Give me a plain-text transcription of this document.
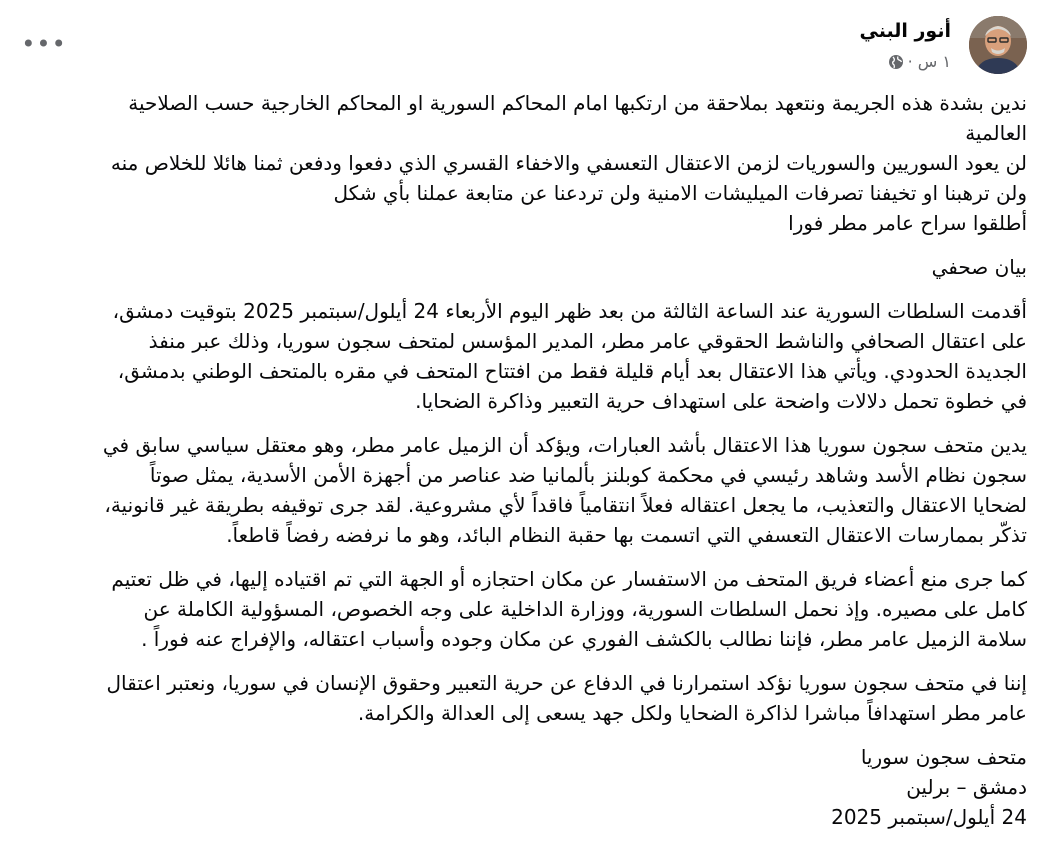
أنور البني
١ س ·
•••
ندين بشدة هذه الجريمة ونتعهد بملاحقة من ارتكبها امام المحاكم السورية او المحاكم الخارجية حسب الصلاحية
العالمية
لن يعود السوريين والسوريات لزمن الاعتقال التعسفي والاخفاء القسري الذي دفعوا ودفعن ثمنا هائلا للخلاص منه
ولن ترهبنا او تخيفنا تصرفات الميليشات الامنية ولن تردعنا عن متابعة عملنا بأي شكل
أطلقوا سراح عامر مطر فورا
بيان صحفي
أقدمت السلطات السورية عند الساعة الثالثة من بعد ظهر اليوم الأربعاء 24 أيلول/سبتمبر 2025 بتوقيت دمشق،
على اعتقال الصحافي والناشط الحقوقي عامر مطر، المدير المؤسس لمتحف سجون سوريا، وذلك عبر منفذ
الجديدة الحدودي. ويأتي هذا الاعتقال بعد أيام قليلة فقط من افتتاح المتحف في مقره بالمتحف الوطني بدمشق،
في خطوة تحمل دلالات واضحة على استهداف حرية التعبير وذاكرة الضحايا.
يدين متحف سجون سوريا هذا الاعتقال بأشد العبارات، ويؤكد أن الزميل عامر مطر، وهو معتقل سياسي سابق في
سجون نظام الأسد وشاهد رئيسي في محكمة كوبلنز بألمانيا ضد عناصر من أجهزة الأمن الأسدية، يمثل صوتاً
لضحايا الاعتقال والتعذيب، ما يجعل اعتقاله فعلاً انتقامياً فاقداً لأي مشروعية. لقد جرى توقيفه بطريقة غير قانونية،
تذكّر بممارسات الاعتقال التعسفي التي اتسمت بها حقبة النظام البائد، وهو ما نرفضه رفضاً قاطعاً.
كما جرى منع أعضاء فريق المتحف من الاستفسار عن مكان احتجازه أو الجهة التي تم اقتياده إليها، في ظل تعتيم
كامل على مصيره. وإذ نحمل السلطات السورية، ووزارة الداخلية على وجه الخصوص، المسؤولية الكاملة عن
سلامة الزميل عامر مطر، فإننا نطالب بالكشف الفوري عن مكان وجوده وأسباب اعتقاله، والإفراج عنه فوراً .
إننا في متحف سجون سوريا نؤكد استمرارنا في الدفاع عن حرية التعبير وحقوق الإنسان في سوريا، ونعتبر اعتقال
عامر مطر استهدافاً مباشرا لذاكرة الضحايا ولكل جهد يسعى إلى العدالة والكرامة.
متحف سجون سوريا
دمشق – برلين
24 أيلول/سبتمبر 2025
